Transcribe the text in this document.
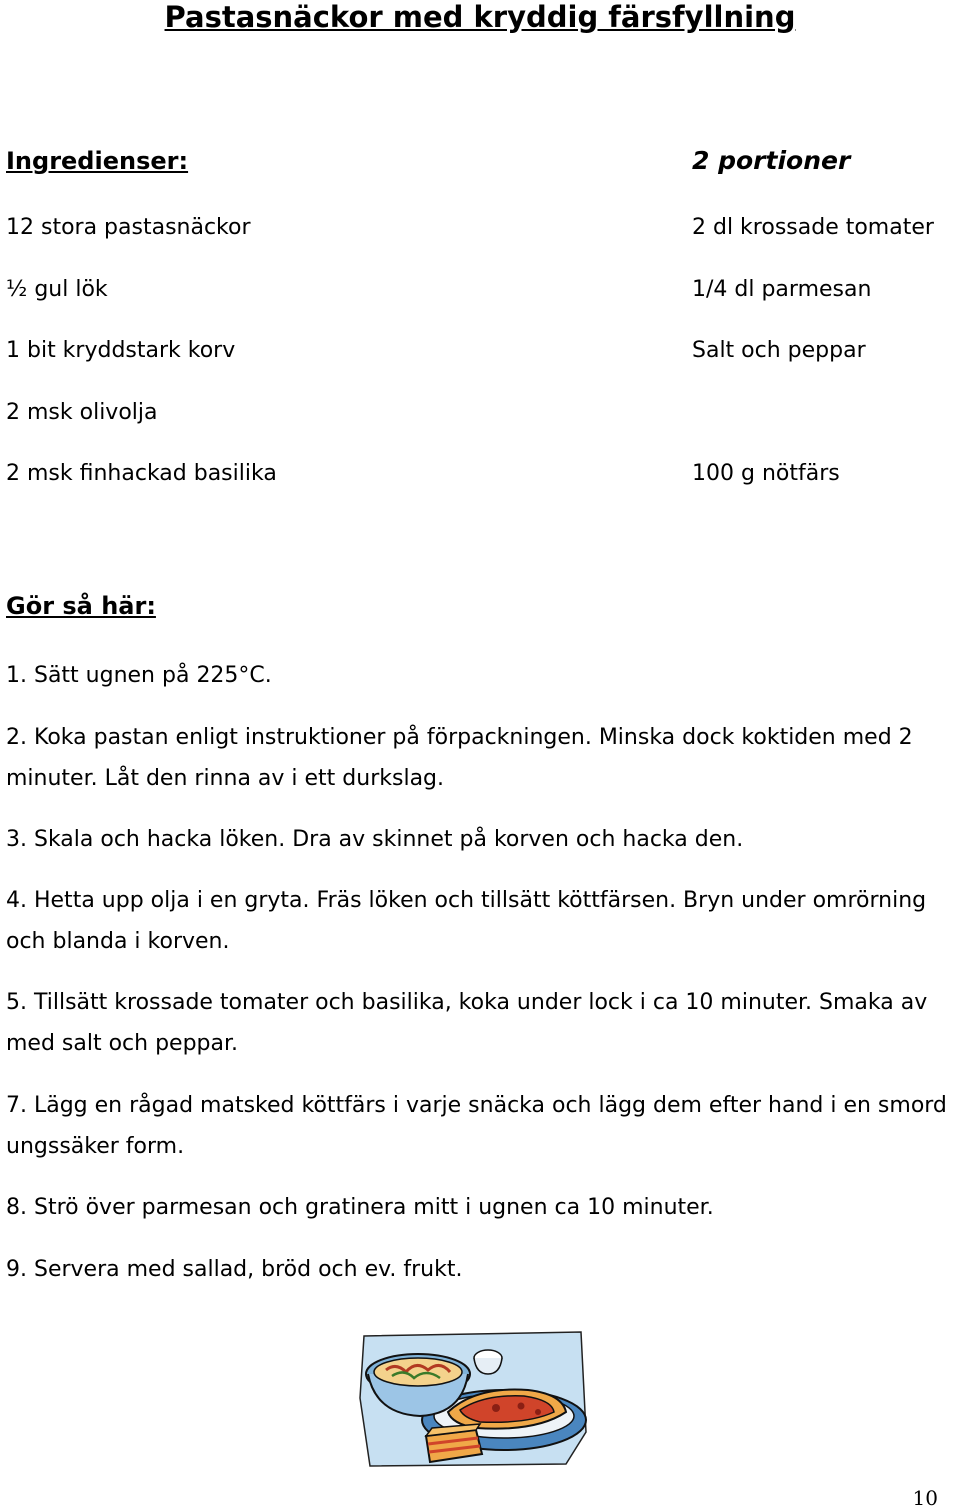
Pastasnäckor med kryddig färsfyllning
Ingredienser:	2 portioner
12 stora pastasnäckor
½ gul lök
1 bit kryddstark korv
2 msk olivolja
2 msk finhackad basilika
2 dl krossade tomater
1/4 dl parmesan
Salt och peppar
100 g nötfärs
Gör så här:
1. Sätt ugnen på 225°C.
2. Koka pastan enligt instruktioner på förpackningen. Minska dock koktiden med 2 minuter. Låt den rinna av i ett durkslag.
3. Skala och hacka löken. Dra av skinnet på korven och hacka den.
4. Hetta upp olja i en gryta. Fräs löken och tillsätt köttfärsen. Bryn under omrörning och blanda i korven.
5. Tillsätt krossade tomater och basilika, koka under lock i ca 10 minuter. Smaka av med salt och peppar.
7. Lägg en rågad matsked köttfärs i varje snäcka och lägg dem efter hand i en smord ungssäker form.
8. Strö över parmesan och gratinera mitt i ugnen ca 10 minuter.
9. Servera med sallad, bröd och ev. frukt.
10
